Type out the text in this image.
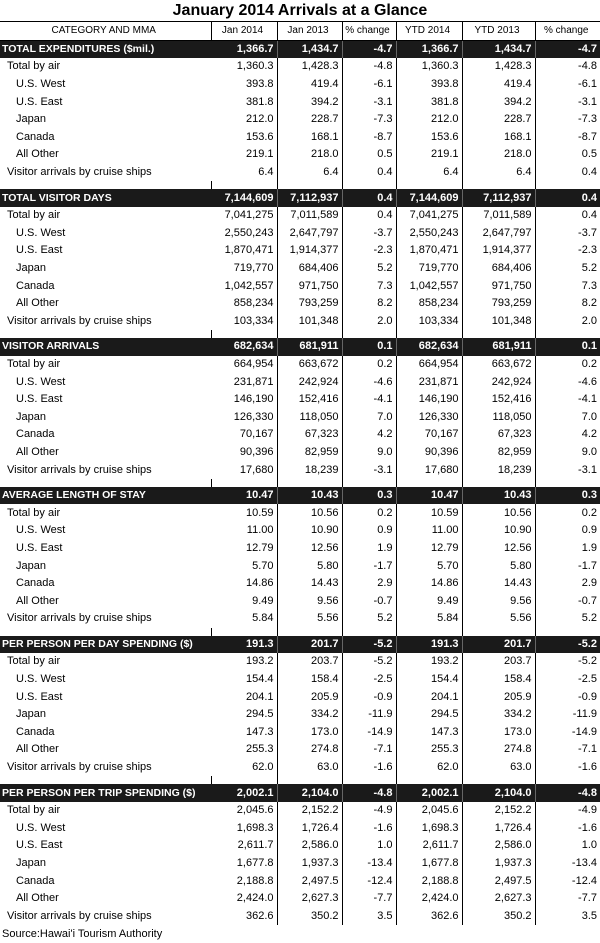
January 2014 Arrivals at a Glance
CATEGORY AND MMA	Jan 2014	Jan 2013	% change	YTD 2014	YTD 2013	% change
TOTAL EXPENDITURES ($mil.)	1,366.7	1,434.7	-4.7	1,366.7	1,434.7	-4.7
Total by air	1,360.3	1,428.3	-4.8	1,360.3	1,428.3	-4.8
U.S. West	393.8	419.4	-6.1	393.8	419.4	-6.1
U.S. East	381.8	394.2	-3.1	381.8	394.2	-3.1
Japan	212.0	228.7	-7.3	212.0	228.7	-7.3
Canada	153.6	168.1	-8.7	153.6	168.1	-8.7
All Other	219.1	218.0	0.5	219.1	218.0	0.5
Visitor arrivals by cruise ships	6.4	6.4	0.4	6.4	6.4	0.4

TOTAL VISITOR DAYS	7,144,609	7,112,937	0.4	7,144,609	7,112,937	0.4
Total by air	7,041,275	7,011,589	0.4	7,041,275	7,011,589	0.4
U.S. West	2,550,243	2,647,797	-3.7	2,550,243	2,647,797	-3.7
U.S. East	1,870,471	1,914,377	-2.3	1,870,471	1,914,377	-2.3
Japan	719,770	684,406	5.2	719,770	684,406	5.2
Canada	1,042,557	971,750	7.3	1,042,557	971,750	7.3
All Other	858,234	793,259	8.2	858,234	793,259	8.2
Visitor arrivals by cruise ships	103,334	101,348	2.0	103,334	101,348	2.0

VISITOR ARRIVALS	682,634	681,911	0.1	682,634	681,911	0.1
Total by air	664,954	663,672	0.2	664,954	663,672	0.2
U.S. West	231,871	242,924	-4.6	231,871	242,924	-4.6
U.S. East	146,190	152,416	-4.1	146,190	152,416	-4.1
Japan	126,330	118,050	7.0	126,330	118,050	7.0
Canada	70,167	67,323	4.2	70,167	67,323	4.2
All Other	90,396	82,959	9.0	90,396	82,959	9.0
Visitor arrivals by cruise ships	17,680	18,239	-3.1	17,680	18,239	-3.1

AVERAGE LENGTH OF STAY	10.47	10.43	0.3	10.47	10.43	0.3
Total by air	10.59	10.56	0.2	10.59	10.56	0.2
U.S. West	11.00	10.90	0.9	11.00	10.90	0.9
U.S. East	12.79	12.56	1.9	12.79	12.56	1.9
Japan	5.70	5.80	-1.7	5.70	5.80	-1.7
Canada	14.86	14.43	2.9	14.86	14.43	2.9
All Other	9.49	9.56	-0.7	9.49	9.56	-0.7
Visitor arrivals by cruise ships	5.84	5.56	5.2	5.84	5.56	5.2

PER PERSON PER DAY SPENDING ($)	191.3	201.7	-5.2	191.3	201.7	-5.2
Total by air	193.2	203.7	-5.2	193.2	203.7	-5.2
U.S. West	154.4	158.4	-2.5	154.4	158.4	-2.5
U.S. East	204.1	205.9	-0.9	204.1	205.9	-0.9
Japan	294.5	334.2	-11.9	294.5	334.2	-11.9
Canada	147.3	173.0	-14.9	147.3	173.0	-14.9
All Other	255.3	274.8	-7.1	255.3	274.8	-7.1
Visitor arrivals by cruise ships	62.0	63.0	-1.6	62.0	63.0	-1.6

PER PERSON PER TRIP SPENDING ($)	2,002.1	2,104.0	-4.8	2,002.1	2,104.0	-4.8
Total by air	2,045.6	2,152.2	-4.9	2,045.6	2,152.2	-4.9
U.S. West	1,698.3	1,726.4	-1.6	1,698.3	1,726.4	-1.6
U.S. East	2,611.7	2,586.0	1.0	2,611.7	2,586.0	1.0
Japan	1,677.8	1,937.3	-13.4	1,677.8	1,937.3	-13.4
Canada	2,188.8	2,497.5	-12.4	2,188.8	2,497.5	-12.4
All Other	2,424.0	2,627.3	-7.7	2,424.0	2,627.3	-7.7
Visitor arrivals by cruise ships	362.6	350.2	3.5	362.6	350.2	3.5
Source:Hawai'i Tourism Authority
